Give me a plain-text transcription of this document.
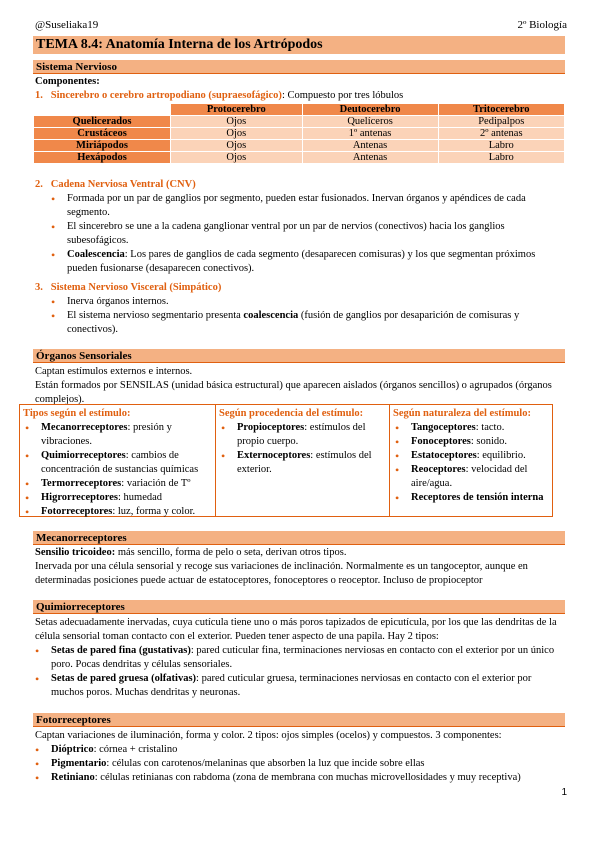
@Suseliaka19	2º Biología
TEMA 8.4: Anatomía Interna de los Artrópodos
Sistema Nervioso
Componentes:
1. Sincerebro o cerebro artropodiano (supraesofágico): Compuesto por tres lóbulos
	Protocerebro	Deutocerebro	Tritocerebro
Quelicerados	Ojos	Quelíceros	Pedipalpos
Crustáceos	Ojos	1º antenas	2º antenas
Miriápodos	Ojos	Antenas	Labro
Hexápodos	Ojos	Antenas	Labro
2. Cadena Nerviosa Ventral (CNV)
• Formada por un par de ganglios por segmento, pueden estar fusionados. Inervan órganos y apéndices de cada segmento.
• El sincerebro se une a la cadena ganglionar ventral por un par de nervios (conectivos) hacia los ganglios subesofágicos.
• Coalescencia: Los pares de ganglios de cada segmento (desaparecen comisuras) y los que segmentan próximos pueden fusionarse (desaparecen conectivos).
3. Sistema Nervioso Visceral (Simpático)
• Inerva órganos internos.
• El sistema nervioso segmentario presenta coalescencia (fusión de ganglios por desaparición de comisuras y conectivos).
Órganos Sensoriales
Captan estímulos externos e internos.
Están formados por SENSILAS (unidad básica estructural) que aparecen aislados (órganos sencillos) o agrupados (órganos complejos).
Tipos según el estímulo:
• Mecanorreceptores: presión y vibraciones.
• Quimiorreceptores: cambios de concentración de sustancias químicas
• Termorreceptores: variación de Tº
• Higrorreceptores: humedad
• Fotorreceptores: luz, forma y color.
Según procedencia del estímulo:
• Propioceptores: estímulos del propio cuerpo.
• Externoceptores: estímulos del exterior.
Según naturaleza del estímulo:
• Tangoceptores: tacto.
• Fonoceptores: sonido.
• Estatoceptores: equilibrio.
• Reoceptores: velocidad del aire/agua.
• Receptores de tensión interna
Mecanorreceptores
Sensilio tricoideo: más sencillo, forma de pelo o seta, derivan otros tipos.
Inervada por una célula sensorial y recoge sus variaciones de inclinación. Normalmente es un tangoceptor, aunque en determinadas posiciones puede actuar de estatoceptores, fonoceptores o reoceptor. Incluso de propioceptor
Quimiorreceptores
Setas adecuadamente inervadas, cuya cutícula tiene uno o más poros tapizados de epicutícula, por los que las dendritas de la célula sensorial toman contacto con el exterior. Pueden tener aspecto de una papila. Hay 2 tipos:
• Setas de pared fina (gustativas): pared cuticular fina, terminaciones nerviosas en contacto con el exterior por un único poro. Pocas dendritas y células sensoriales.
• Setas de pared gruesa (olfativas): pared cuticular gruesa, terminaciones nerviosas en contacto con el exterior por muchos poros. Muchas dendritas y neuronas.
Fotorreceptores
Captan variaciones de iluminación, forma y color. 2 tipos: ojos simples (ocelos) y compuestos. 3 componentes:
• Dióptrico: córnea + cristalino
• Pigmentario: células con carotenos/melaninas que absorben la luz que incide sobre ellas
• Retiniano: células retinianas con rabdoma (zona de membrana con muchas microvellosidades y muy receptiva)
1
